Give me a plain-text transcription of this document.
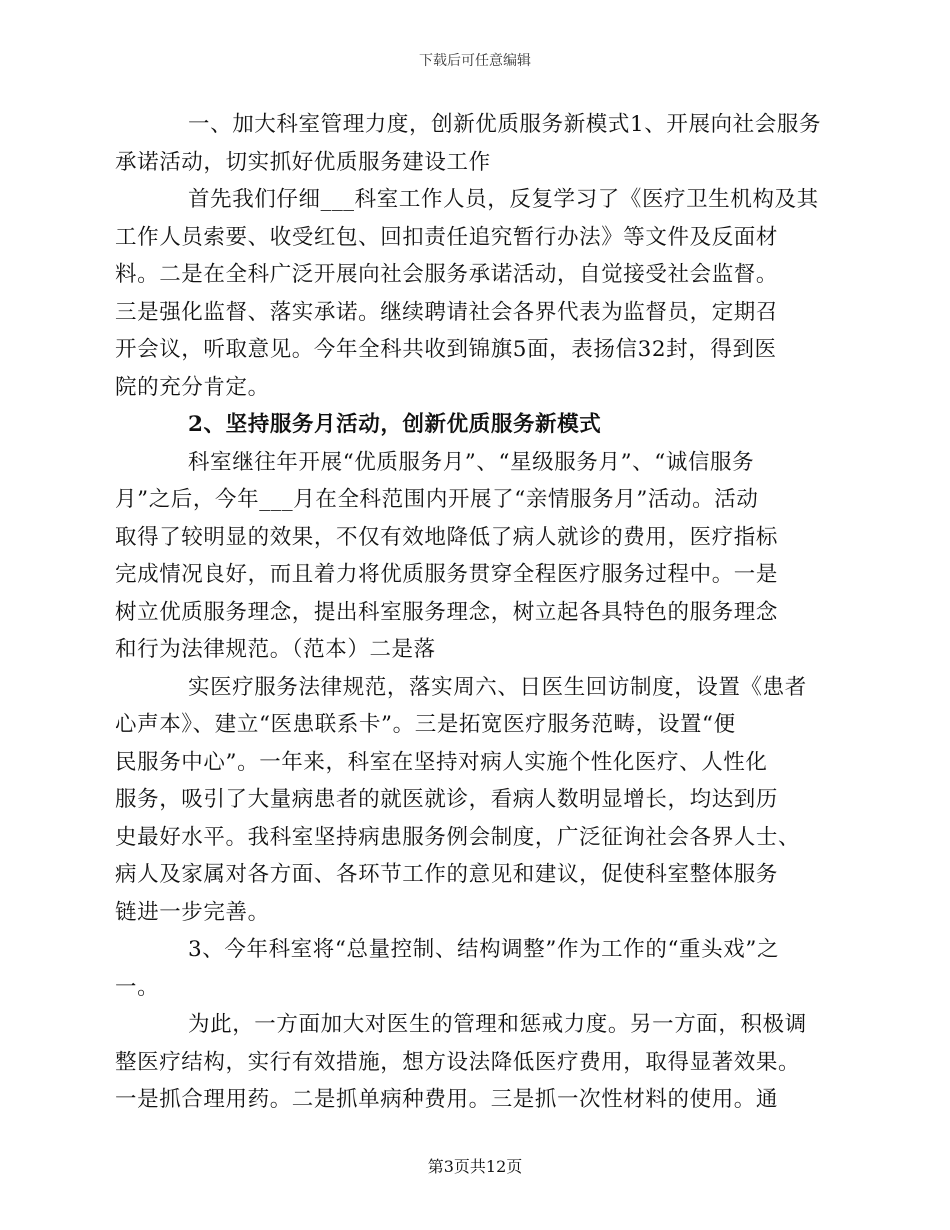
下载后可任意编辑
一、加大科室管理力度，创新优质服务新模式1、开展向社会服务
承诺活动，切实抓好优质服务建设工作
首先我们仔细___科室工作人员，反复学习了《医疗卫生机构及其
工作人员索要、收受红包、回扣责任追究暂行办法》等文件及反面材
料。二是在全科广泛开展向社会服务承诺活动，自觉接受社会监督。
三是强化监督、落实承诺。继续聘请社会各界代表为监督员，定期召
开会议，听取意见。今年全科共收到锦旗5面，表扬信32封，得到医
院的充分肯定。
2、坚持服务月活动，创新优质服务新模式
科室继往年开展“优质服务月”、“星级服务月”、“诚信服务
月”之后，今年___月在全科范围内开展了“亲情服务月”活动。活动
取得了较明显的效果，不仅有效地降低了病人就诊的费用，医疗指标
完成情况良好，而且着力将优质服务贯穿全程医疗服务过程中。一是
树立优质服务理念，提出科室服务理念，树立起各具特色的服务理念
和行为法律规范。（范本）二是落
实医疗服务法律规范，落实周六、日医生回访制度，设置《患者
心声本》、建立“医患联系卡”。三是拓宽医疗服务范畴，设置“便
民服务中心”。一年来，科室在坚持对病人实施个性化医疗、人性化
服务，吸引了大量病患者的就医就诊，看病人数明显增长，均达到历
史最好水平。我科室坚持病患服务例会制度，广泛征询社会各界人士、
病人及家属对各方面、各环节工作的意见和建议，促使科室整体服务
链进一步完善。
3、今年科室将“总量控制、结构调整”作为工作的“重头戏”之
一。
为此，一方面加大对医生的管理和惩戒力度。另一方面，积极调
整医疗结构，实行有效措施，想方设法降低医疗费用，取得显著效果。
一是抓合理用药。二是抓单病种费用。三是抓一次性材料的使用。通
第3页共12页
